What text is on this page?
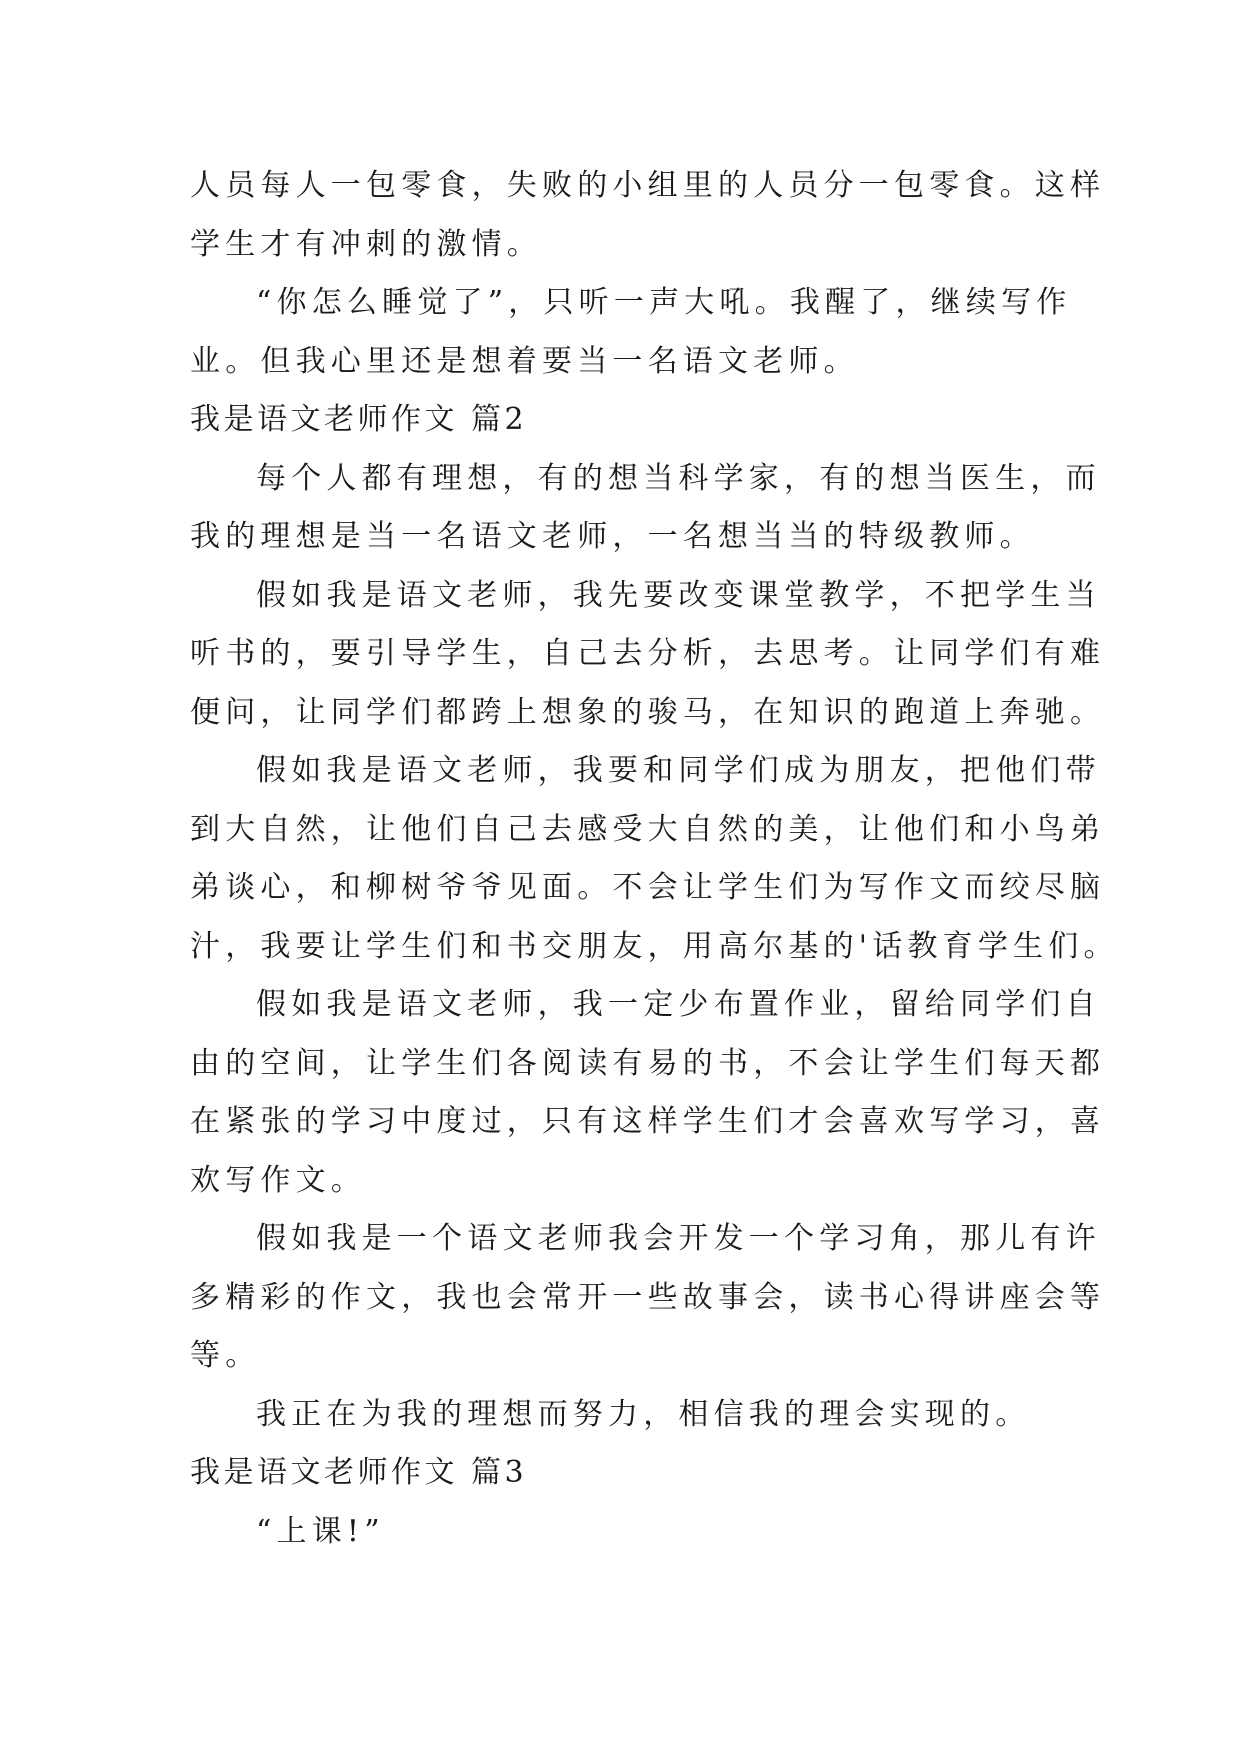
人员每人一包零食，失败的小组里的人员分一包零食。这样
学生才有冲刺的激情。
“你怎么睡觉了”，只听一声大吼。我醒了，继续写作
业。但我心里还是想着要当一名语文老师。
我是语文老师作文 篇2
每个人都有理想，有的想当科学家，有的想当医生，而
我的理想是当一名语文老师，一名想当当的特级教师。
假如我是语文老师，我先要改变课堂教学，不把学生当
听书的，要引导学生，自己去分析，去思考。让同学们有难
便问，让同学们都跨上想象的骏马，在知识的跑道上奔驰。
假如我是语文老师，我要和同学们成为朋友，把他们带
到大自然，让他们自己去感受大自然的美，让他们和小鸟弟
弟谈心，和柳树爷爷见面。不会让学生们为写作文而绞尽脑
汁，我要让学生们和书交朋友，用高尔基的'话教育学生们。
假如我是语文老师，我一定少布置作业，留给同学们自
由的空间，让学生们各阅读有易的书，不会让学生们每天都
在紧张的学习中度过，只有这样学生们才会喜欢写学习，喜
欢写作文。
假如我是一个语文老师我会开发一个学习角，那儿有许
多精彩的作文，我也会常开一些故事会，读书心得讲座会等
等。
我正在为我的理想而努力，相信我的理会实现的。
我是语文老师作文 篇3
“上课!”
